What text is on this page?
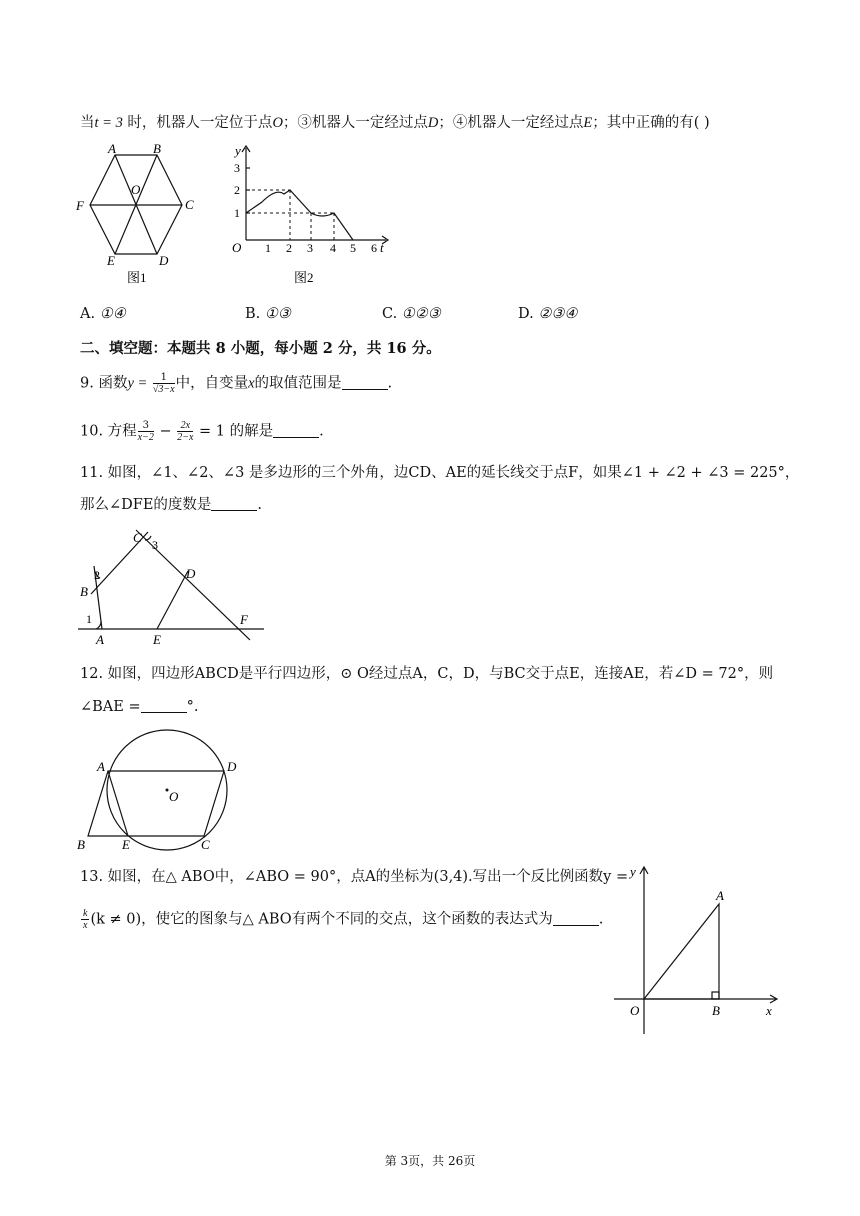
当t = 3 时，机器人一定位于点O；③机器人一定经过点D；④机器人一定经过点E；其中正确的有( )
A	B
C
D
E
F
O
图1
y
t
O
1
2
3
1 2 3 4 5 6
图2
A. ①④	B. ①③	C. ①②③	D. ②③④
二、填空题：本题共 8 小题，每小题 2 分，共 16 分。
9. 函数$y = \frac{1}{√3-x}$ 中，自变量x的取值范围是	.
10. 方程 $\frac{3}{x-2} - \frac{2x}{2-x} = 1$ 的解是	.
11. 如图，∠1、∠2、∠3 是多边形的三个外角，边CD、AE的延长线交于点F，如果∠1 + ∠2 + ∠3 = 225°，
那么∠DFE的度数是	.
C 3
D
B
2
1
A	E
F
12. 如图，四边形ABCD是平行四边形，⊙ O经过点A，C，D，与BC交于点E，连接AE，若∠D = 72°，则
∠BAE =	°.
A	D
O
B	E	C
13. 如图，在△ ABO中，∠ABO = 90°，点A的坐标为(3,4).写出一个反比例函数y =
$\frac{k}{x} (k \ne 0)$，使它的图象与△ ABO有两个不同的交点，这个函数的表达式为	.
y
x
O
A
B
第 3页，共 26页
